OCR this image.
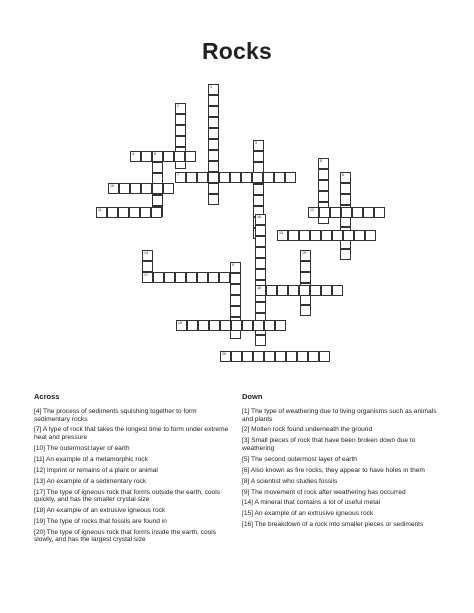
Rocks
1
2
3
5
6
8
9
14
17
15
16
4
7
10
11	12
13
18
19
20
Across
[4] The process of sediments squishing together to form sedimentary rocks
[7] A type of rock that takes the longest time to form under extreme heat and pressure
[10] The outermost layer of earth
[11] An example of a metamorphic rock
[12] Imprint or remains of a plant or animal
[13] An example of a sedimentary rock
[17] The type of igneous rock that forms outside the earth, cools quickly, and has the smaller crystal size
[18] An example of an extrusive igneous rock
[19] The type of rocks that fossils are found in
[20] The type of igneous rock that forms inside the earth, cools slowly, and has the largest crystal size
Down
[1] The type of weathering due to living organisms such as animals and plants
[2] Molten rock found underneath the ground
[3] Small pieces of rock that have been broken down due to weathering
[5] The second outermost layer of earth
[6] Also known as fire rocks, they appear to have holes in them
[8] A scientist who studies fossils
[9] The movement of rock after weathering has occurred
[14] A mineral that contains a lot of useful metal
[15] An example of an extrusive igneous rock
[16] The breakdown of a rock into smaller pieces or sediments
